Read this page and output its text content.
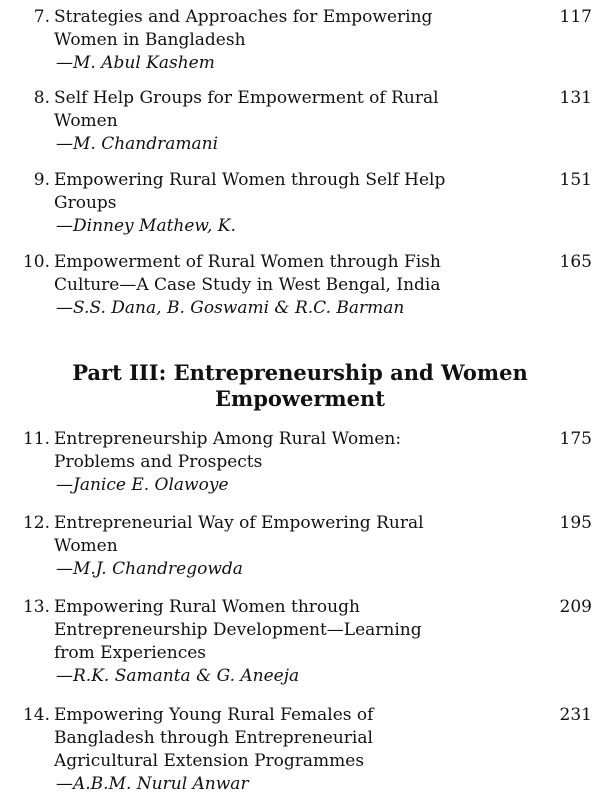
7. Strategies and Approaches for Empowering
Women in Bangladesh
—M. Abul Kashem
117
8. Self Help Groups for Empowerment of Rural
Women
—M. Chandramani
131
9. Empowering Rural Women through Self Help
Groups
—Dinney Mathew, K.
151
10. Empowerment of Rural Women through Fish
Culture—A Case Study in West Bengal, India
—S.S. Dana, B. Goswami & R.C. Barman
165
Part III: Entrepreneurship and Women
Empowerment
11. Entrepreneurship Among Rural Women:
Problems and Prospects
—Janice E. Olawoye
175
12. Entrepreneurial Way of Empowering Rural
Women
—M.J. Chandregowda
195
13. Empowering Rural Women through
Entrepreneurship Development—Learning
from Experiences
—R.K. Samanta & G. Aneeja
209
14. Empowering Young Rural Females of
Bangladesh through Entrepreneurial
Agricultural Extension Programmes
—A.B.M. Nurul Anwar
231
